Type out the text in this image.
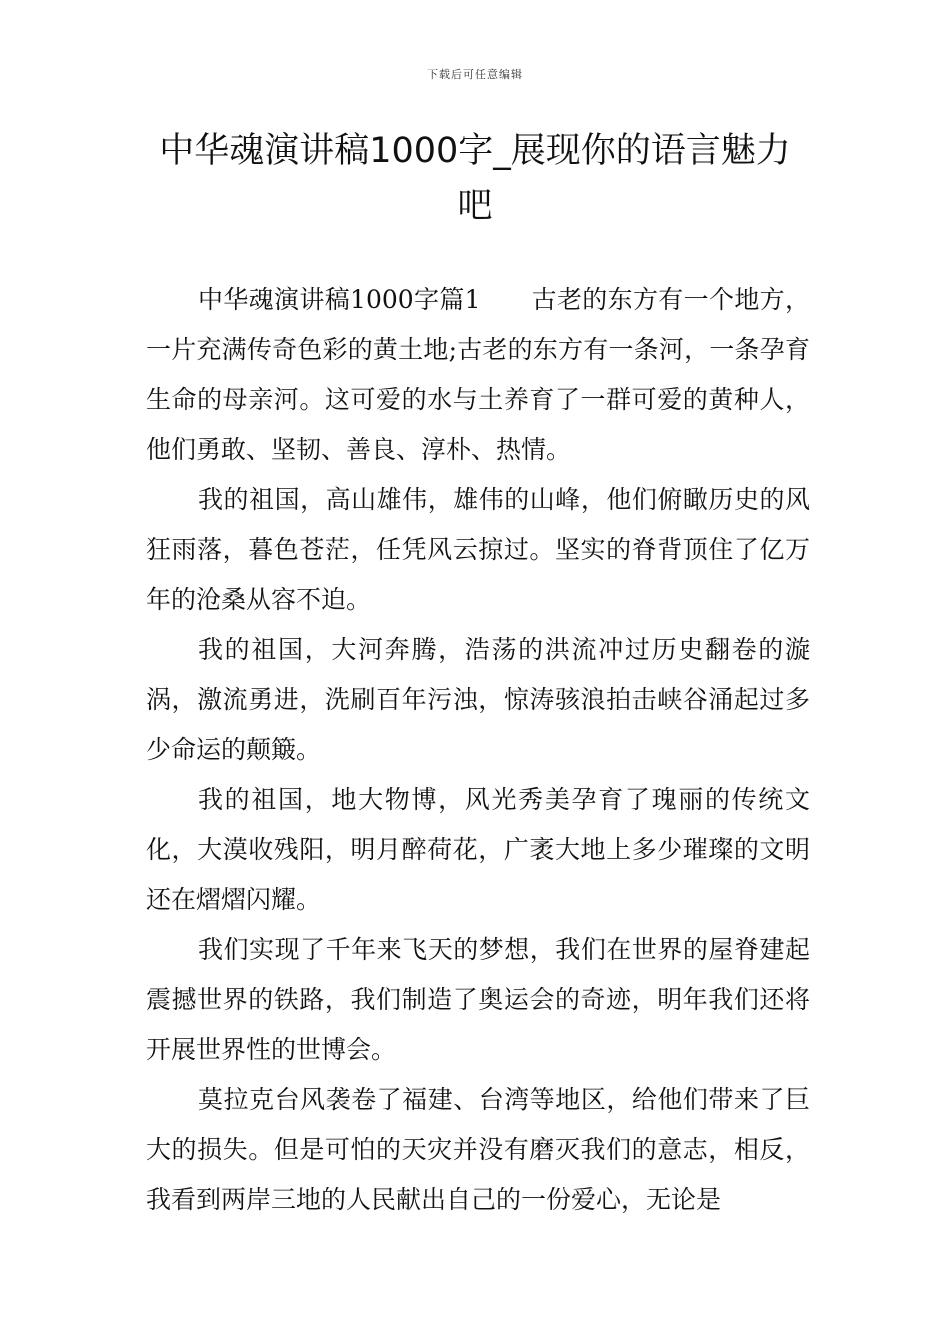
下载后可任意编辑
中华魂演讲稿1000字_展现你的语言魅力吧

中华魂演讲稿1000字篇1　　古老的东方有一个地方，一片充满传奇色彩的黄土地;古老的东方有一条河，一条孕育生命的母亲河。这可爱的水与土养育了一群可爱的黄种人，他们勇敢、坚韧、善良、淳朴、热情。

我的祖国，高山雄伟，雄伟的山峰，他们俯瞰历史的风狂雨落，暮色苍茫，任凭风云掠过。坚实的脊背顶住了亿万年的沧桑从容不迫。

我的祖国，大河奔腾，浩荡的洪流冲过历史翻卷的漩涡，激流勇进，洗刷百年污浊，惊涛骇浪拍击峡谷涌起过多少命运的颠簸。

我的祖国，地大物博，风光秀美孕育了瑰丽的传统文化，大漠收残阳，明月醉荷花，广袤大地上多少璀璨的文明还在熠熠闪耀。

我们实现了千年来飞天的梦想，我们在世界的屋脊建起震撼世界的铁路，我们制造了奥运会的奇迹，明年我们还将开展世界性的世博会。

莫拉克台风袭卷了福建、台湾等地区，给他们带来了巨大的损失。但是可怕的天灾并没有磨灭我们的意志，相反，我看到两岸三地的人民献出自己的一份爱心，无论是
